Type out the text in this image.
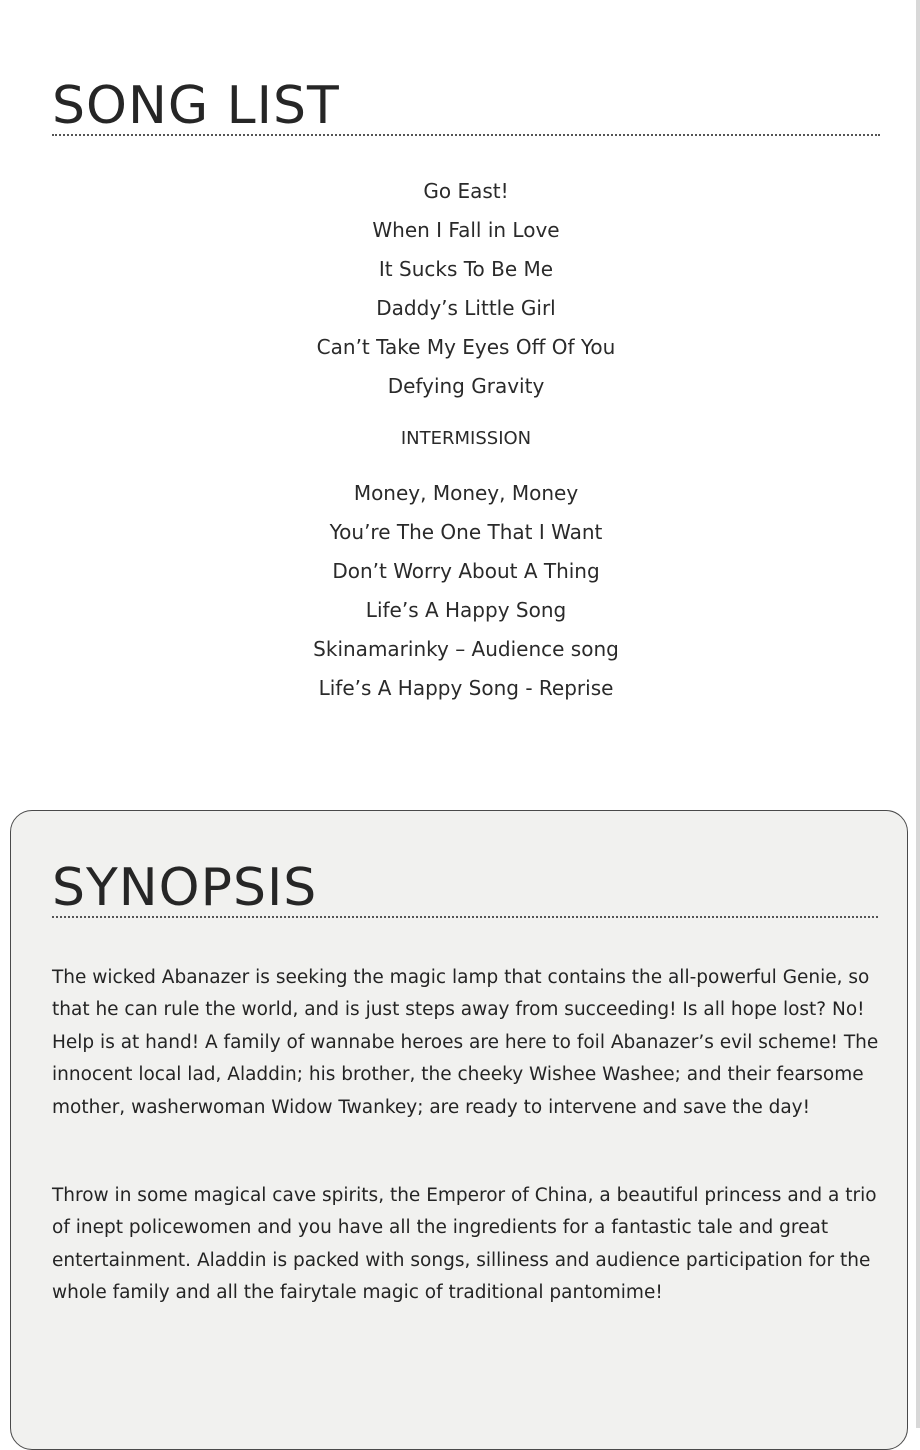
SONG LIST
Go East!
When I Fall in Love
It Sucks To Be Me
Daddy’s Little Girl
Can’t Take My Eyes Off Of You
Defying Gravity
INTERMISSION
Money, Money, Money
You’re The One That I Want
Don’t Worry About A Thing
Life’s A Happy Song
Skinamarinky – Audience song
Life’s A Happy Song - Reprise
SYNOPSIS

The wicked Abanazer is seeking the magic lamp that contains the all-powerful Genie, so that he can rule the world, and is just steps away from succeeding! Is all hope lost? No! Help is at hand! A family of wannabe heroes are here to foil Abanazer’s evil scheme! The innocent local lad, Aladdin; his brother, the cheeky Wishee Washee; and their fearsome mother, washerwoman Widow Twankey; are ready to intervene and save the day!

Throw in some magical cave spirits, the Emperor of China, a beautiful princess and a trio of inept policewomen and you have all the ingredients for a fantastic tale and great entertainment. Aladdin is packed with songs, silliness and audience participation for the whole family and all the fairytale magic of traditional pantomime!
